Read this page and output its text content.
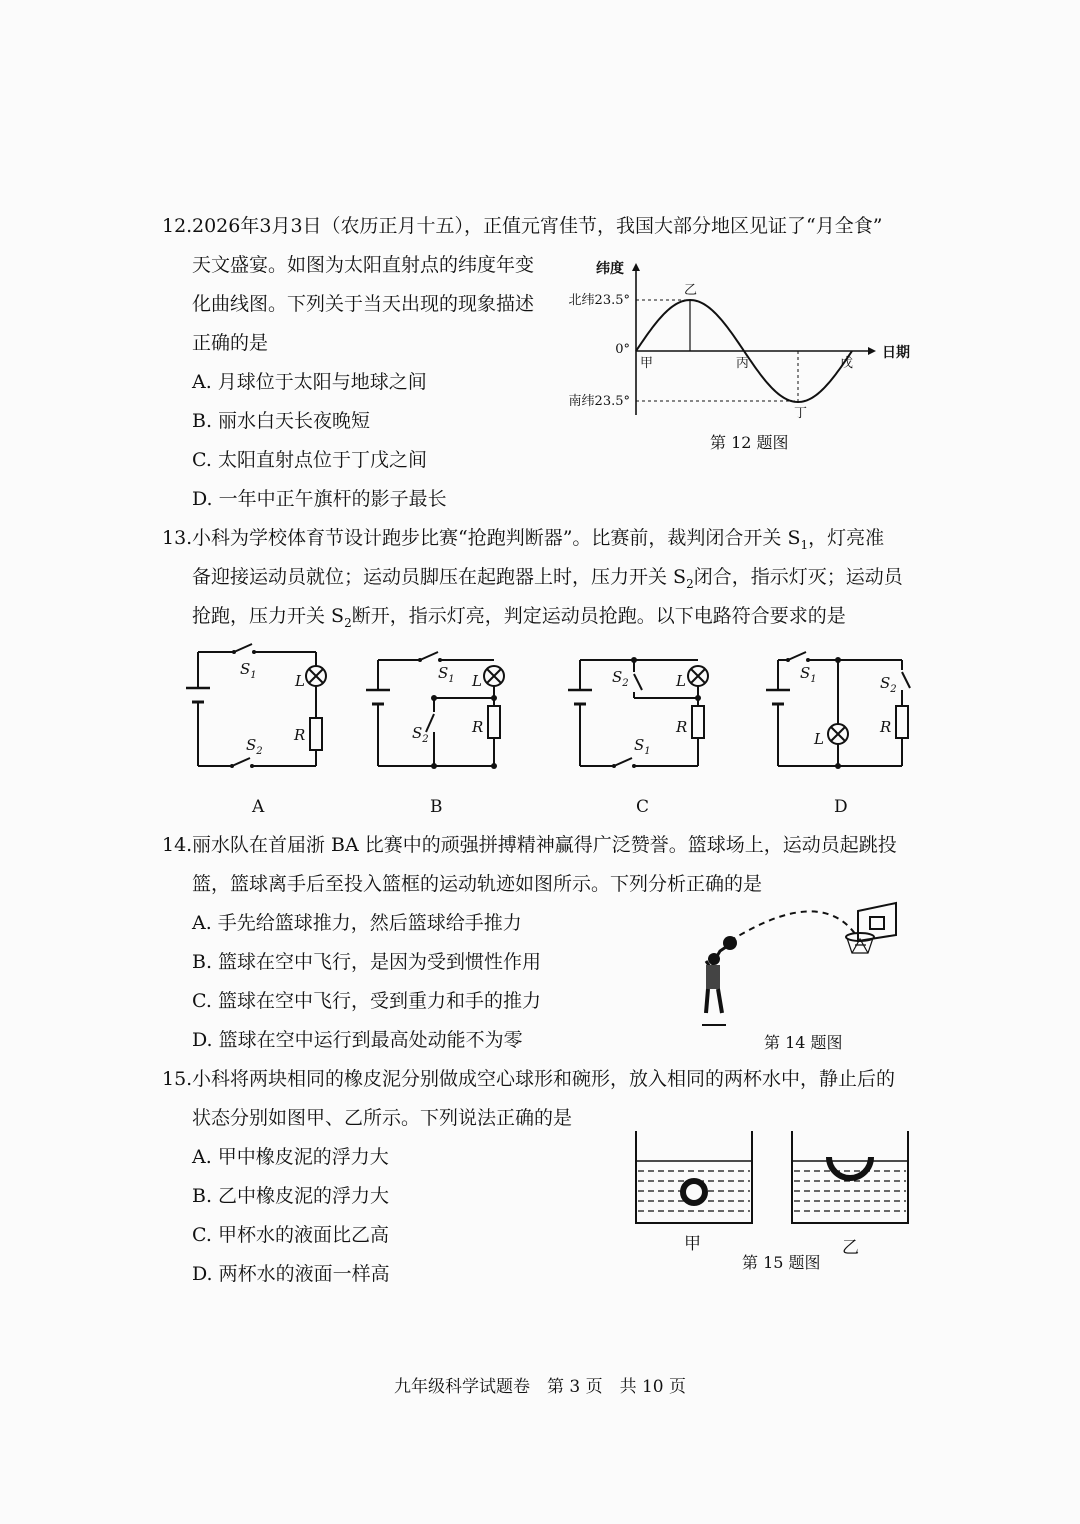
12. 2026年3月3日（农历正月十五），正值元宵佳节，我国大部分地区见证了“月全食”
天文盛宴。如图为太阳直射点的纬度年变
化曲线图。下列关于当天出现的现象描述
正确的是
A. 月球位于太阳与地球之间
B. 丽水白天长夜晚短
C. 太阳直射点位于丁戊之间
D. 一年中正午旗杆的影子最长
北纬23.5°
0°
南纬23.5°
纬度
日期
甲
乙
丙
丁
戊
第 12 题图
13. 小科为学校体育节设计跑步比赛“抢跑判断器”。比赛前，裁判闭合开关 $S_1$，灯亮准
备迎接运动员就位；运动员脚压在起跑器上时，压力开关 $S_2$闭合，指示灯灭；运动员
抢跑，压力开关 $S_2$断开，指示灯亮，判定运动员抢跑。以下电路符合要求的是
$S_1$	L
R
$S_2$
$S_1$ L
R
$S_2$
$S_2$	L
R
$S_1$
$S_1$	$S_2$
L
R
A	B	C	D
14. 丽水队在首届浙 BA 比赛中的顽强拼搏精神赢得广泛赞誉。篮球场上，运动员起跳投
篮，篮球离手后至投入篮框的运动轨迹如图所示。下列分析正确的是
A. 手先给篮球推力，然后篮球给手推力
B. 篮球在空中飞行，是因为受到惯性作用
C. 篮球在空中飞行，受到重力和手的推力
D. 篮球在空中运行到最高处动能不为零	第 14 题图
15. 小科将两块相同的橡皮泥分别做成空心球形和碗形，放入相同的两杯水中，静止后的
状态分别如图甲、乙所示。下列说法正确的是
A. 甲中橡皮泥的浮力大
B. 乙中橡皮泥的浮力大
C. 甲杯水的液面比乙高
D. 两杯水的液面一样高
甲	乙
第 15 题图
九年级科学试题卷　第 3 页　共 10 页
